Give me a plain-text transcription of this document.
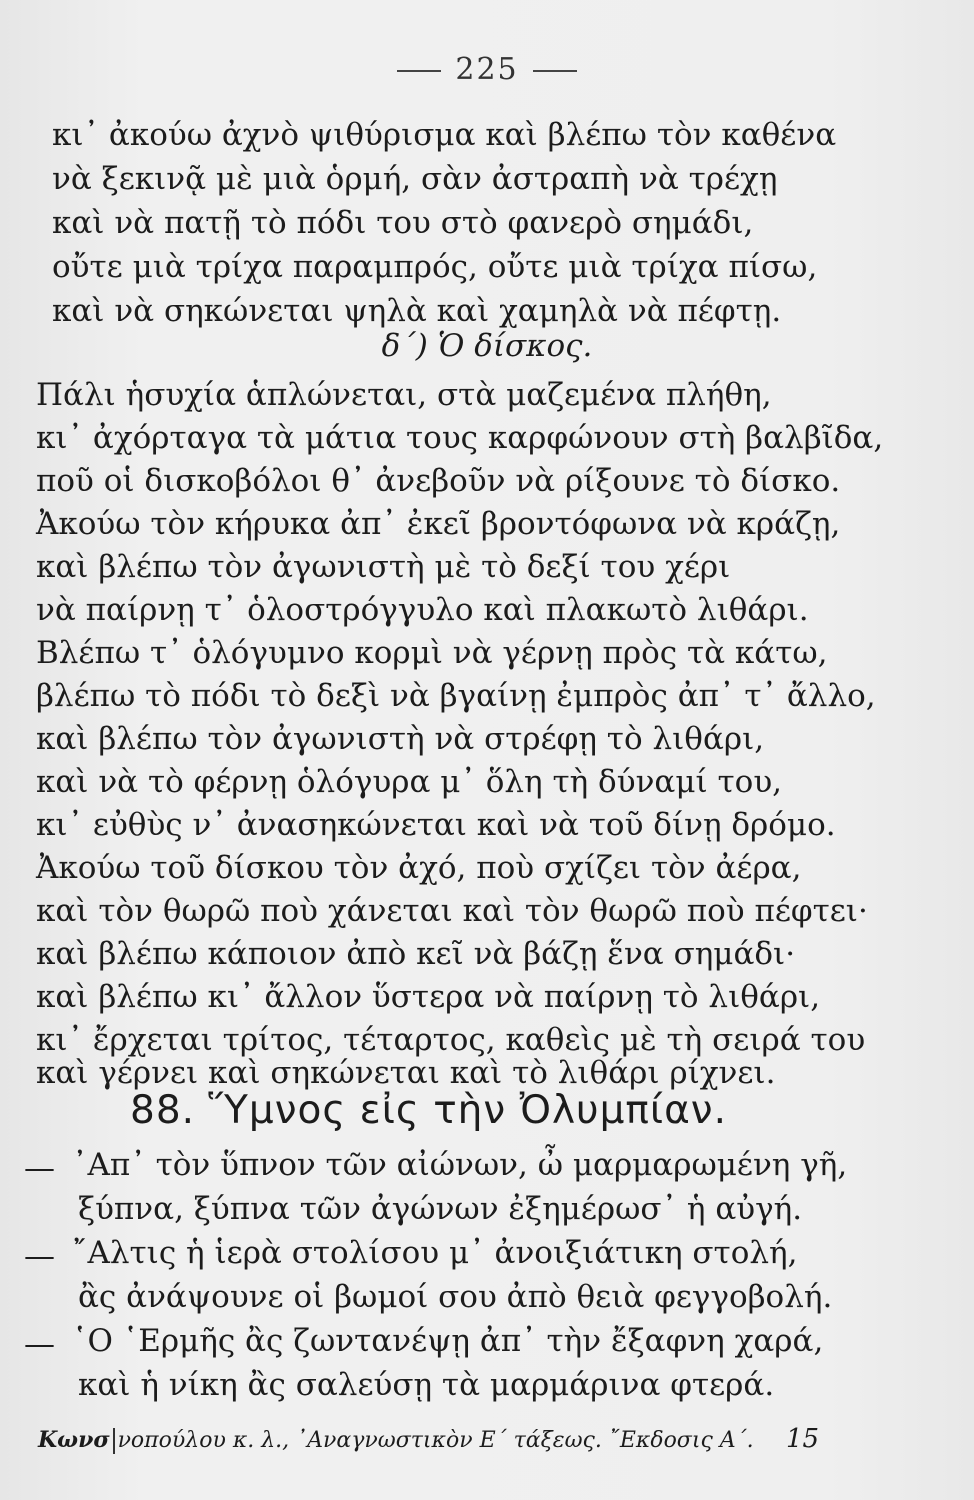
225
κι᾽ ἀκούω ἀχνὸ ψιθύρισμα καὶ βλέπω τὸν καθένα
νὰ ξεκινᾷ μὲ μιὰ ὁρμή, σὰν ἀστραπὴ νὰ τρέχῃ
καὶ νὰ πατῇ τὸ πόδι του στὸ φανερὸ σημάδι,
οὔτε μιὰ τρίχα παραμπρός, οὔτε μιὰ τρίχα πίσω,
καὶ νὰ σηκώνεται ψηλὰ καὶ χαμηλὰ νὰ πέφτῃ.
δ´) Ὁ δίσκος.
Πάλι ἡσυχία ἁπλώνεται, στὰ μαζεμένα πλήθη,
κι᾽ ἀχόρταγα τὰ μάτια τους καρφώνουν στὴ βαλβῖδα,
ποῦ οἱ δισκοβόλοι θ᾽ ἀνεβοῦν νὰ ρίξουνε τὸ δίσκο.
Ἀκούω τὸν κήρυκα ἀπ᾽ ἐκεῖ βροντόφωνα νὰ κράζῃ,
καὶ βλέπω τὸν ἀγωνιστὴ μὲ τὸ δεξί του χέρι
νὰ παίρνῃ τ᾽ ὁλοστρόγγυλο καὶ πλακωτὸ λιθάρι.
Βλέπω τ᾽ ὁλόγυμνο κορμὶ νὰ γέρνῃ πρὸς τὰ κάτω,
βλέπω τὸ πόδι τὸ δεξὶ νὰ βγαίνῃ ἐμπρὸς ἀπ᾽ τ᾽ ἄλλο,
καὶ βλέπω τὸν ἀγωνιστὴ νὰ στρέφῃ τὸ λιθάρι,
καὶ νὰ τὸ φέρνῃ ὁλόγυρα μ᾽ ὅλη τὴ δύναμί του,
κι᾽ εὐθὺς ν᾽ ἀνασηκώνεται καὶ νὰ τοῦ δίνῃ δρόμο.
Ἀκούω τοῦ δίσκου τὸν ἀχό, ποὺ σχίζει τὸν ἀέρα,
καὶ τὸν θωρῶ ποὺ χάνεται καὶ τὸν θωρῶ ποὺ πέφτει·
καὶ βλέπω κάποιον ἀπὸ κεῖ νὰ βάζῃ ἕνα σημάδι·
καὶ βλέπω κι᾽ ἄλλον ὕστερα νὰ παίρνῃ τὸ λιθάρι,
κι᾽ ἔρχεται τρίτος, τέταρτος, καθεὶς μὲ τὴ σειρά του
καὶ γέρνει καὶ σηκώνεται καὶ τὸ λιθάρι ρίχνει.
88. Ὕμνος εἰς τὴν Ὀλυμπίαν.
— ᾽Απ᾽ τὸν ὕπνον τῶν αἰώνων, ὦ μαρμαρωμένη γῆ,
ξύπνα, ξύπνα τῶν ἀγώνων ἐξημέρωσ᾽ ἡ αὐγή.
— ῎Αλτις ἡ ἱερὰ στολίσου μ᾽ ἀνοιξιάτικη στολή,
ἂς ἀνάψουνε οἱ βωμοί σου ἀπὸ θειὰ φεγγοβολή.
— ῾Ο ῾Ερμῆς ἂς ζωντανέψῃ ἀπ᾽ τὴν ἔξαφνη χαρά,
καὶ ἡ νίκη ἂς σαλεύσῃ τὰ μαρμάρινα φτερά.
Κωνσ νοπούλου κ. λ., ᾽Αναγνωστικὸν Ε´ τάξεως. ῎Εκδοσις Α´. 15
